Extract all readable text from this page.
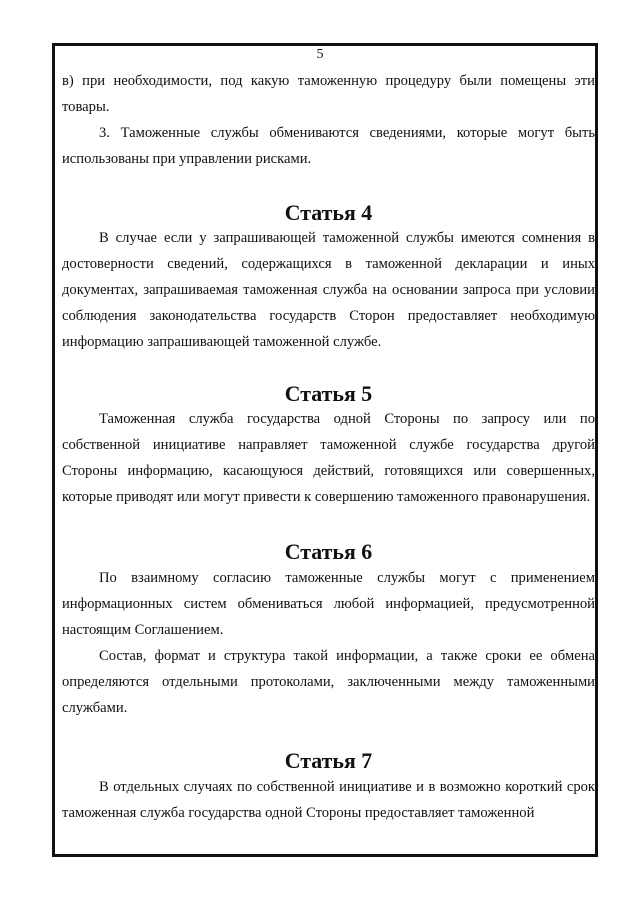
5

в) при необходимости, под какую таможенную процедуру были помещены эти товары.

3. Таможенные службы обмениваются сведениями, которые могут быть использованы при управлении рисками.

Статья 4

В случае если у запрашивающей таможенной службы имеются сомнения в достоверности сведений, содержащихся в таможенной декларации и иных документах, запрашиваемая таможенная служба на основании запроса при условии соблюдения законодательства государств Сторон предоставляет необходимую информацию запрашивающей таможенной службе.

Статья 5

Таможенная служба государства одной Стороны по запросу или по собственной инициативе направляет таможенной службе государства другой Стороны информацию, касающуюся действий, готовящихся или совершенных, которые приводят или могут привести к совершению таможенного правонарушения.

Статья 6

По взаимному согласию таможенные службы могут с применением информационных систем обмениваться любой информацией, предусмотренной настоящим Соглашением.

Состав, формат и структура такой информации, а также сроки ее обмена определяются отдельными протоколами, заключенными между таможенными службами.

Статья 7

В отдельных случаях по собственной инициативе и в возможно короткий срок таможенная служба государства одной Стороны предоставляет таможенной
